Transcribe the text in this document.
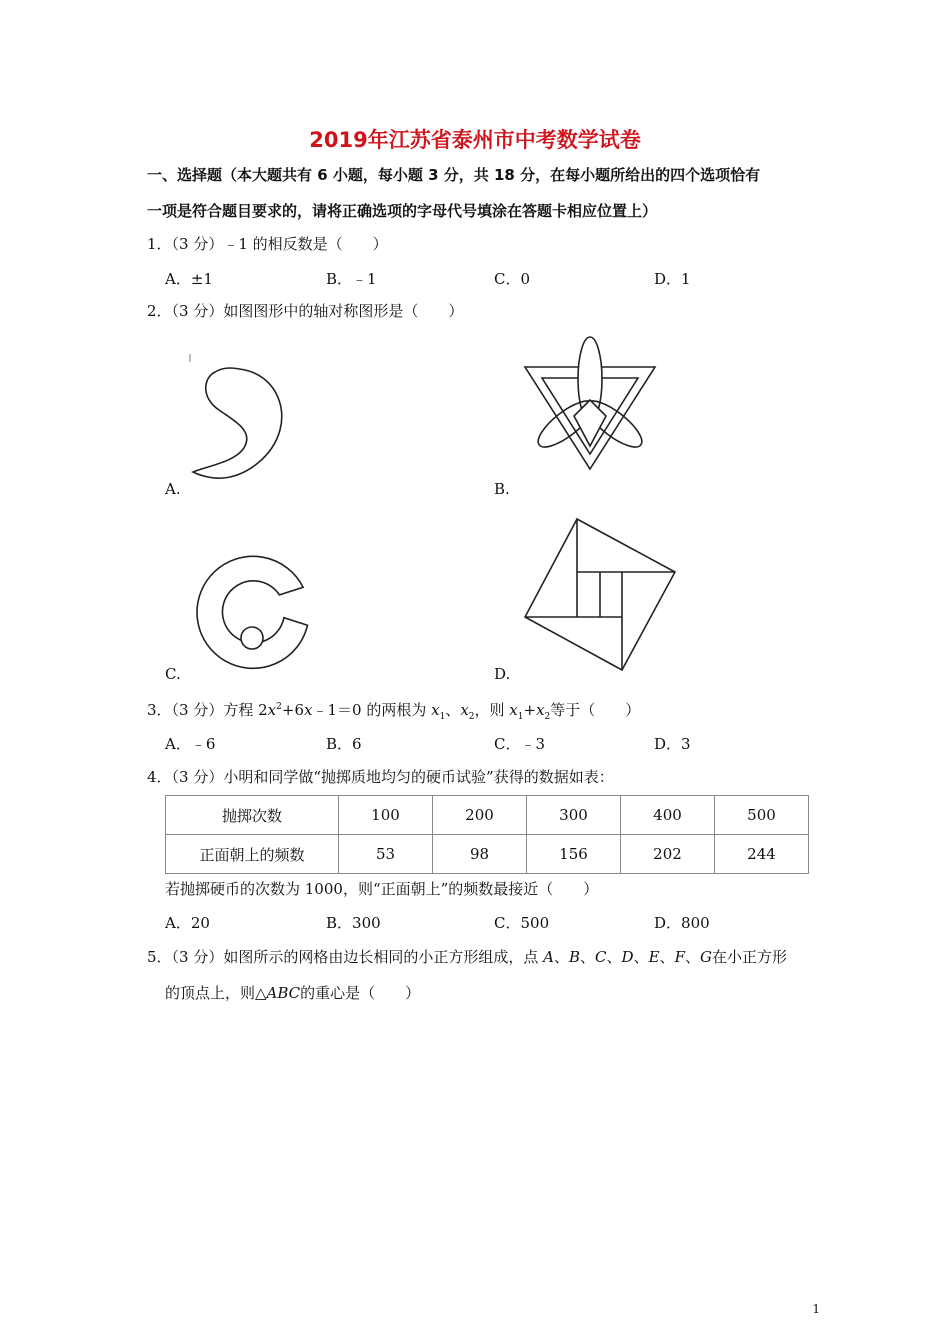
2019年江苏省泰州市中考数学试卷
一、选择题（本大题共有 6 小题，每小题 3 分，共 18 分，在每小题所给出的四个选项恰有
一项是符合题目要求的，请将正确选项的字母代号填涂在答题卡相应位置上）
1．（3 分）﹣1 的相反数是（　　）
A．±1	B．﹣1	C．0	D．1
2．（3 分）如图图形中的轴对称图形是（　　）
A.	B.
C.	D.
3．（3 分）方程 $2x^2+6x﹣1=0$ 的两根为 $x_1$、$x_2$，则 $x_1+x_2$等于（　　）
A．﹣6	B．6	C．﹣3	D．3
4．（3 分）小明和同学做“抛掷质地均匀的硬币试验”获得的数据如表：
抛掷次数	100	200	300	400	500
正面朝上的频数	53	98	156	202	244
若抛掷硬币的次数为 1000，则“正面朝上”的频数最接近（　　）
A．20	B．300	C．500	D．800
5．（3 分）如图所示的网格由边长相同的小正方形组成，点 A、B、C、D、E、F、G在小正方形
的顶点上，则△ABC的重心是（　　）
1
